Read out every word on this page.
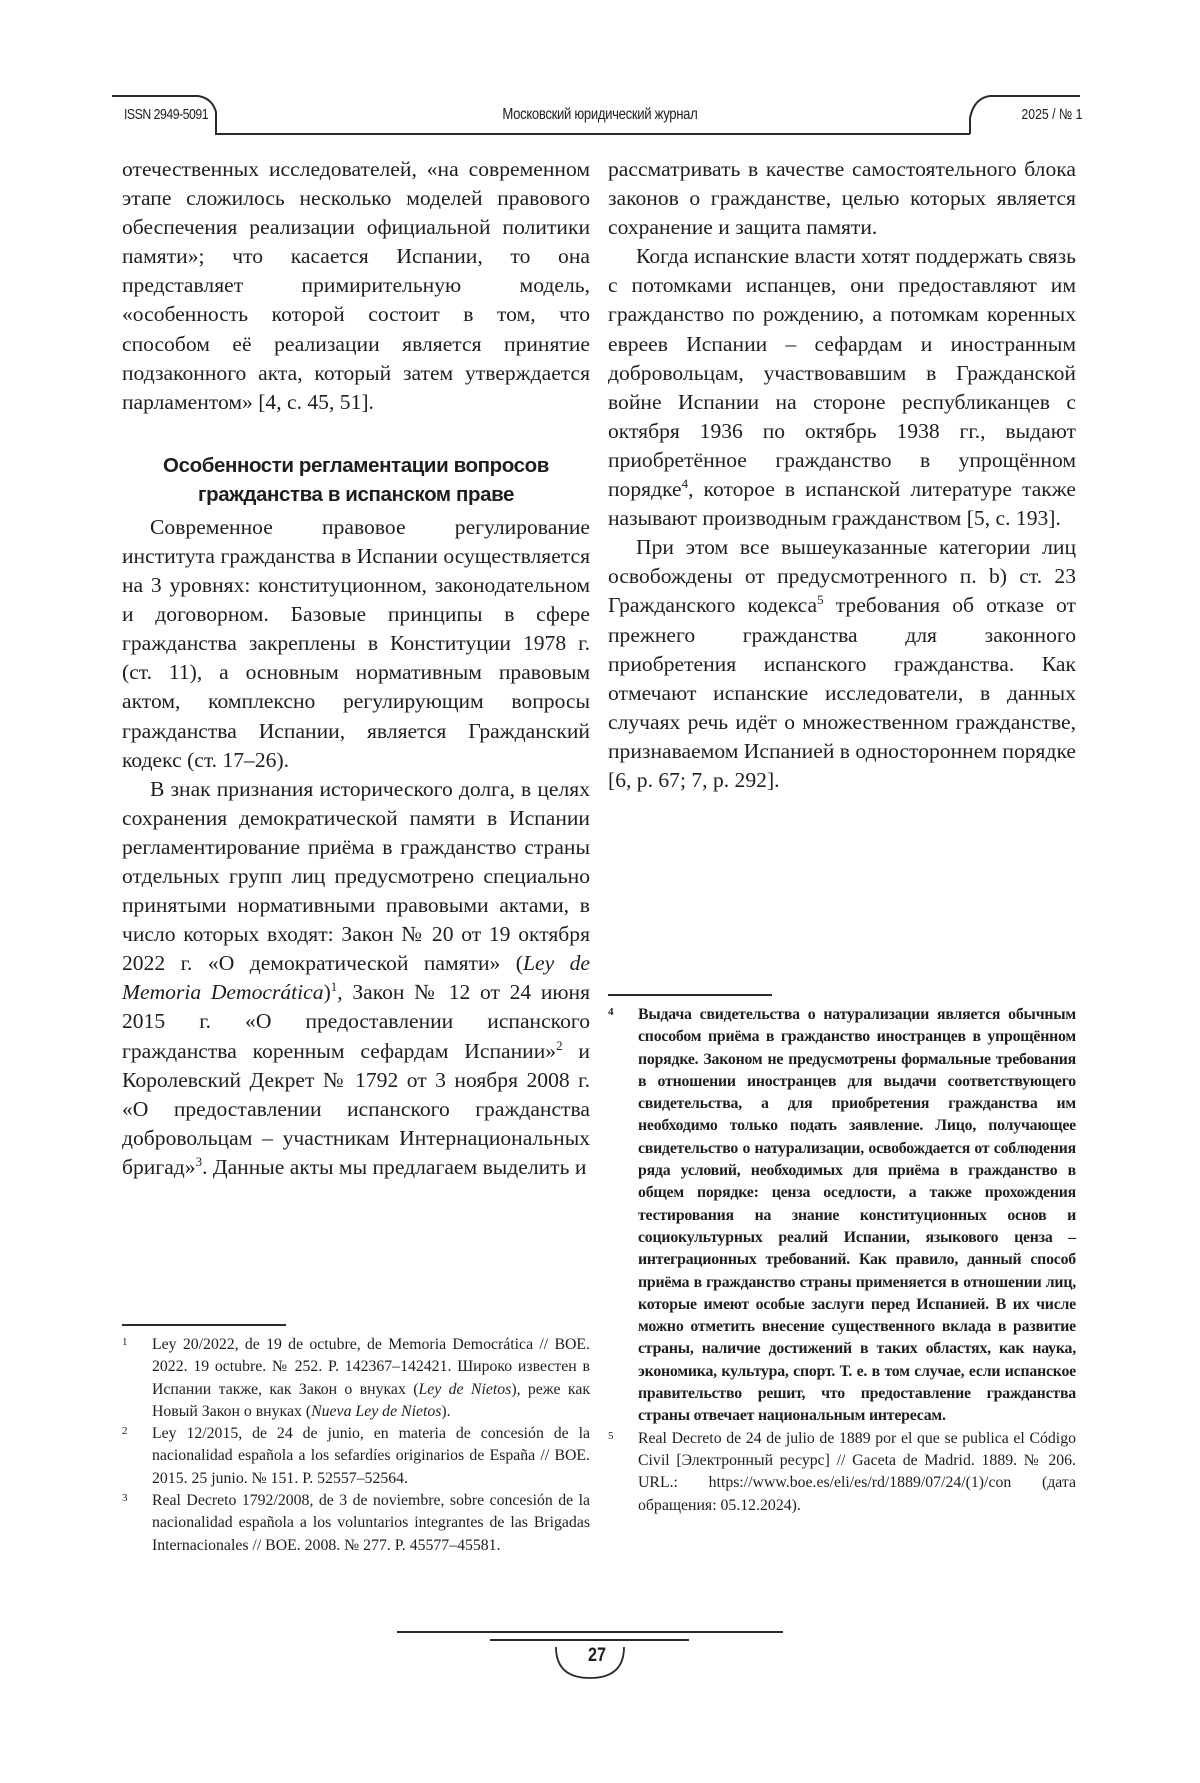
ISSN 2949-5091	Московский юридический журнал	2025 / № 1

отечественных исследователей, «на современном этапе сложилось несколько моделей правового обеспечения реализации официальной политики памяти»; что касается Испании, то она представляет примирительную модель, «особенность которой состоит в том, что способом её реализации является принятие подзаконного акта, который затем утверждается парламентом» [4, с. 45, 51].

Особенности регламентации вопросов
гражданства в испанском праве

Современное правовое регулирование института гражданства в Испании осуществляется на 3 уровнях: конституционном, законодательном и договорном. Базовые принципы в сфере гражданства закреплены в Конституции 1978 г. (ст. 11), а основным нормативным правовым актом, комплексно регулирующим вопросы гражданства Испании, является Гражданский кодекс (ст. 17–26).

В знак признания исторического долга, в целях сохранения демократической памяти в Испании регламентирование приёма в гражданство страны отдельных групп лиц предусмотрено специально принятыми нормативными правовыми актами, в число которых входят: Закон № 20 от 19 октября 2022 г. «О демократической памяти» (Ley de Memoria Democrática)$^1$, Закон № 12 от 24 июня 2015 г. «О предоставлении испанского гражданства коренным сефардам Испании»$^2$ и Королевский Декрет № 1792 от 3 ноября 2008 г. «О предоставлении испанского гражданства добровольцам – участникам Интернациональных бригад»$^3$. Данные акты мы предлагаем выделить и

рассматривать в качестве самостоятельного блока законов о гражданстве, целью которых является сохранение и защита памяти.

Когда испанские власти хотят поддержать связь с потомками испанцев, они предоставляют им гражданство по рождению, а потомкам коренных евреев Испании – сефардам и иностранным добровольцам, участвовавшим в Гражданской войне Испании на стороне республиканцев с октября 1936 по октябрь 1938 гг., выдают приобретённое гражданство в упрощённом порядке$^4$, которое в испанской литературе также называют производным гражданством [5, с. 193].

При этом все вышеуказанные категории лиц освобождены от предусмотренного п. b) ст. 23 Гражданского кодекса$^5$ требования об отказе от прежнего гражданства для законного приобретения испанского гражданства. Как отмечают испанские исследователи, в данных случаях речь идёт о множественном гражданстве, признаваемом Испанией в одностороннем порядке [6, p. 67; 7, p. 292].

1 Ley 20/2022, de 19 de octubre, de Memoria Democrática // BOE. 2022. 19 octubre. № 252. P. 142367–142421. Широко известен в Испании также, как Закон о внуках (Ley de Nietos), реже как Новый Закон о внуках (Nueva Ley de Nietos).

2 Ley 12/2015, de 24 de junio, en materia de concesión de la nacionalidad española a los sefardíes originarios de España // BOE. 2015. 25 junio. № 151. P. 52557–52564.

3 Real Decreto 1792/2008, de 3 de noviembre, sobre concesión de la nacionalidad española a los voluntarios integrantes de las Brigadas Internacionales // BOE. 2008. № 277. P. 45577–45581.

4 Выдача свидетельства о натурализации является обычным способом приёма в гражданство иностранцев в упрощённом порядке. Законом не предусмотрены формальные требования в отношении иностранцев для выдачи соответствующего свидетельства, а для приобретения гражданства им необходимо только подать заявление. Лицо, получающее свидетельство о натурализации, освобождается от соблюдения ряда условий, необходимых для приёма в гражданство в общем порядке: ценза оседлости, а также прохождения тестирования на знание конституционных основ и социокультурных реалий Испании, языкового ценза – интеграционных требований. Как правило, данный способ приёма в гражданство страны применяется в отношении лиц, которые имеют особые заслуги перед Испанией. В их числе можно отметить внесение существенного вклада в развитие страны, наличие достижений в таких областях, как наука, экономика, культура, спорт. Т. е. в том случае, если испанское правительство решит, что предоставление гражданства страны отвечает национальным интересам.

5 Real Decreto de 24 de julio de 1889 por el que se publica el Código Civil [Электронный ресурс] // Gaceta de Madrid. 1889. № 206. URL.: https://www.boe.es/eli/es/rd/1889/07/24/(1)/con (дата обращения: 05.12.2024).

27
